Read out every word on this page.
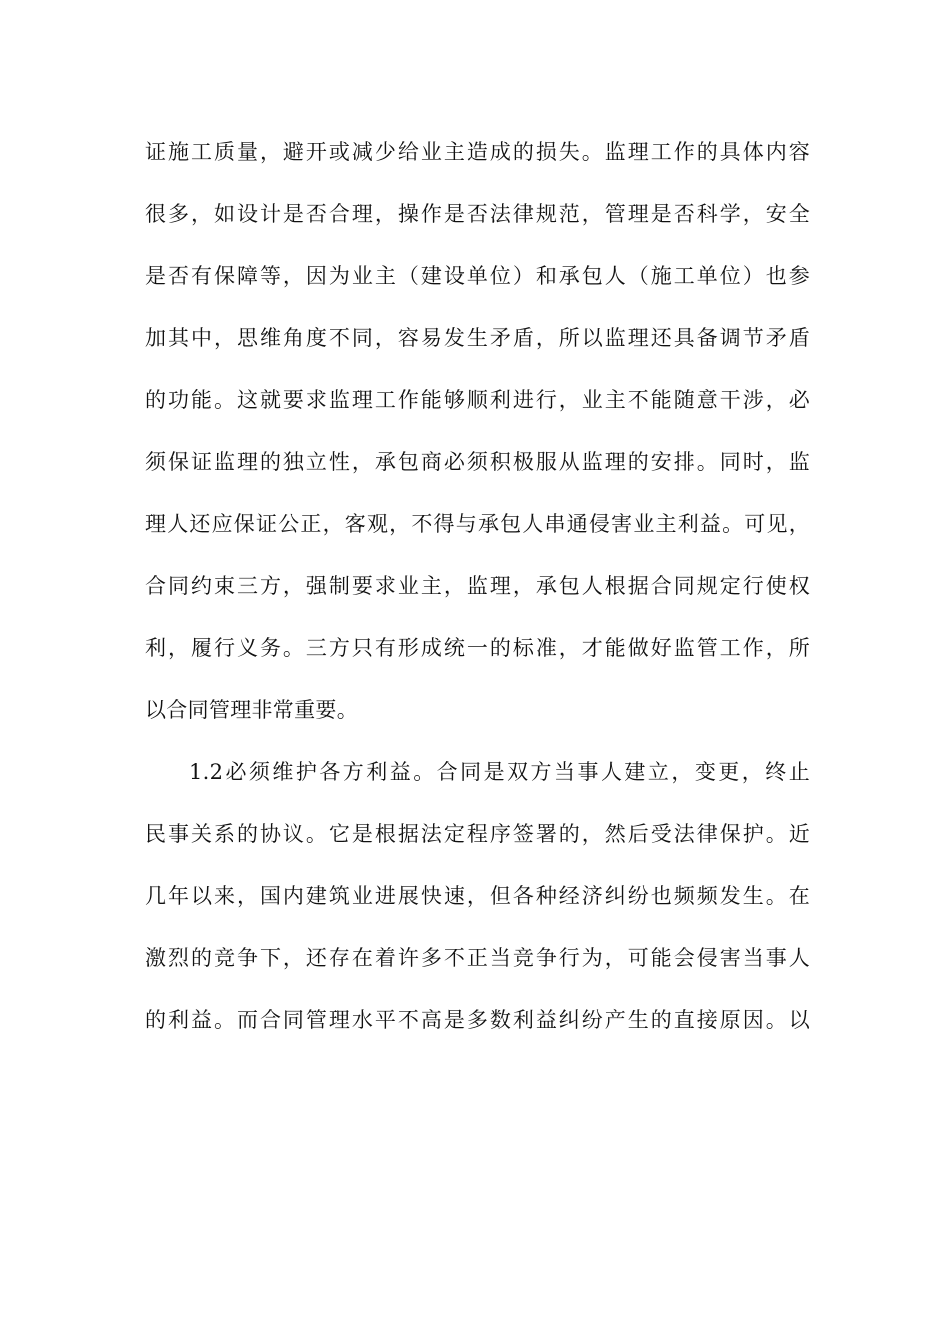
证施工质量，避开或减少给业主造成的损失。监理工作的具体内容
很多，如设计是否合理，操作是否法律规范，管理是否科学，安全
是否有保障等，因为业主（建设单位）和承包人（施工单位）也参
加其中，思维角度不同，容易发生矛盾，所以监理还具备调节矛盾
的功能。这就要求监理工作能够顺利进行，业主不能随意干涉，必
须保证监理的独立性，承包商必须积极服从监理的安排。同时，监
理人还应保证公正，客观，不得与承包人串通侵害业主利益。可见，
合同约束三方，强制要求业主，监理，承包人根据合同规定行使权
利，履行义务。三方只有形成统一的标准，才能做好监管工作，所
以合同管理非常重要。
1.2必须维护各方利益。合同是双方当事人建立，变更，终止
民事关系的协议。它是根据法定程序签署的，然后受法律保护。近
几年以来，国内建筑业进展快速，但各种经济纠纷也频频发生。在
激烈的竞争下，还存在着许多不正当竞争行为，可能会侵害当事人
的利益。而合同管理水平不高是多数利益纠纷产生的直接原因。以
